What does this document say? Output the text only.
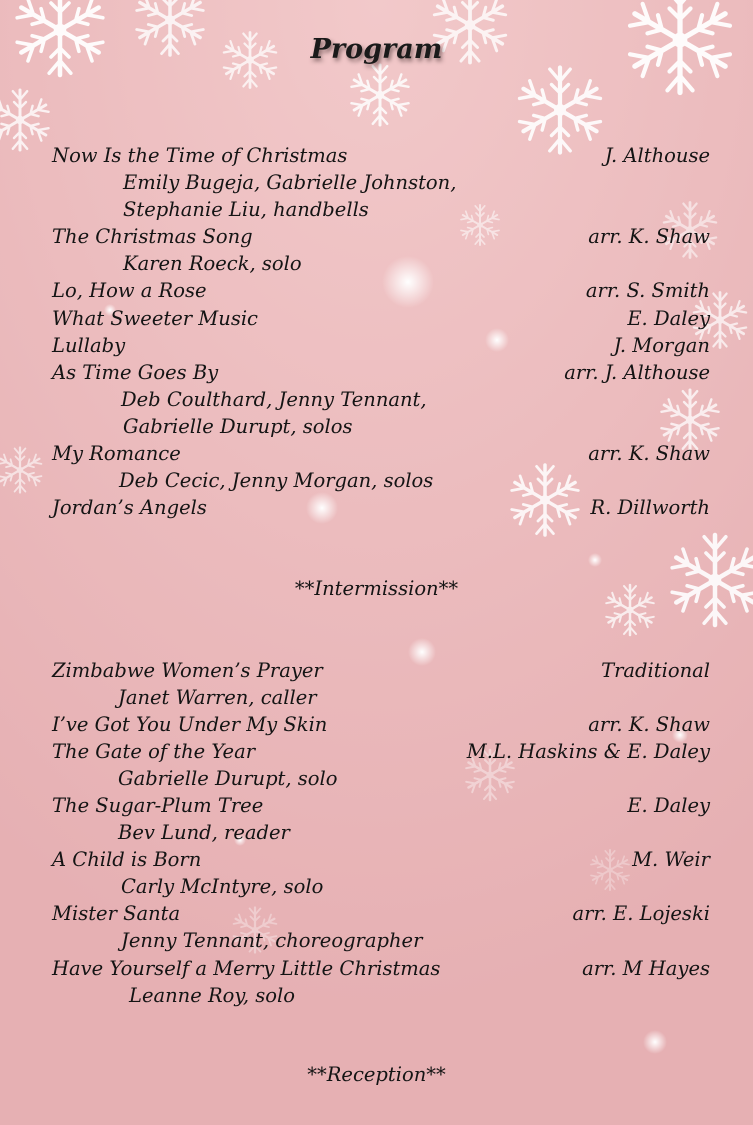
Program
Now Is the Time of Christmas	J. Althouse
Emily Bugeja, Gabrielle Johnston,
Stephanie Liu, handbells
The Christmas Song	arr. K. Shaw
Karen Roeck, solo
Lo, How a Rose	arr. S. Smith
What Sweeter Music	E. Daley
Lullaby	J. Morgan
As Time Goes By	arr. J. Althouse
Deb Coulthard, Jenny Tennant,
Gabrielle Durupt, solos
My Romance	arr. K. Shaw
Deb Cecic, Jenny Morgan, solos
Jordan’s Angels	R. Dillworth
**Intermission**
Zimbabwe Women’s Prayer	Traditional
Janet Warren, caller
I’ve Got You Under My Skin	arr. K. Shaw
The Gate of the Year	M.L. Haskins & E. Daley
Gabrielle Durupt, solo
The Sugar-Plum Tree	E. Daley
Bev Lund, reader
A Child is Born	M. Weir
Carly McIntyre, solo
Mister Santa	arr. E. Lojeski
Jenny Tennant, choreographer
Have Yourself a Merry Little Christmas	arr. M Hayes
Leanne Roy, solo
**Reception**
